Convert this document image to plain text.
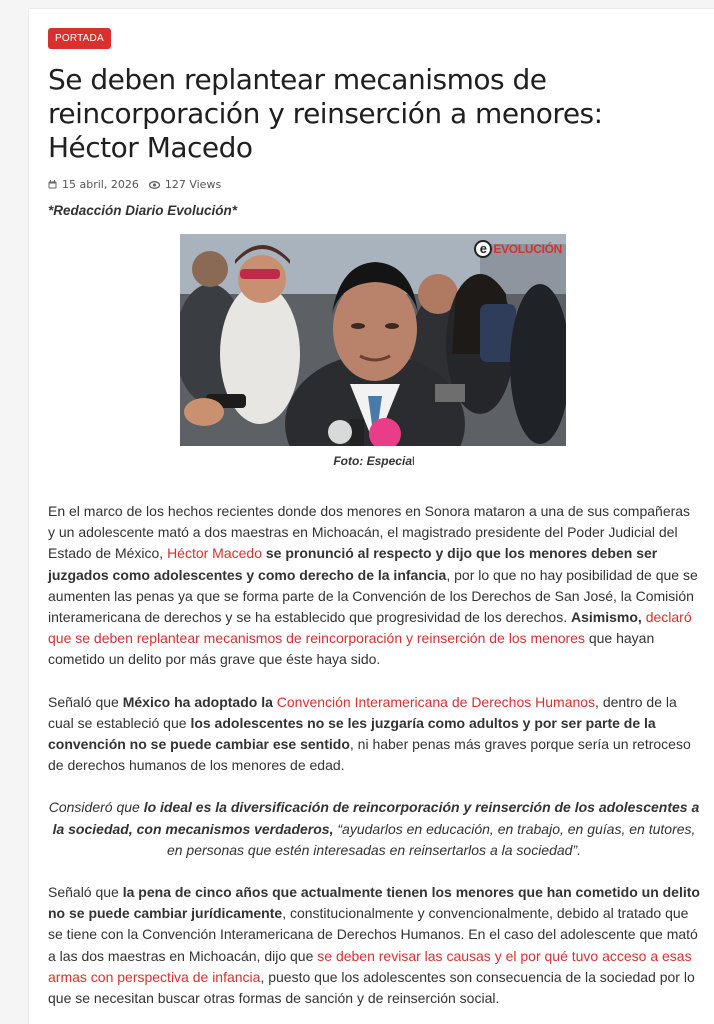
PORTADA
Se deben replantear mecanismos de reincorporación y reinserción a menores: Héctor Macedo
15 abril, 2026 127 Views
*Redacción Diario Evolución*
e EVOLUCIÓN
Foto: Especial

En el marco de los hechos recientes donde dos menores en Sonora mataron a una de sus compañeras y un adolescente mató a dos maestras en Michoacán, el magistrado presidente del Poder Judicial del Estado de México, Héctor Macedo se pronunció al respecto y dijo que los menores deben ser juzgados como adolescentes y como derecho de la infancia, por lo que no hay posibilidad de que se aumenten las penas ya que se forma parte de la Convención de los Derechos de San José, la Comisión interamericana de derechos y se ha establecido que progresividad de los derechos. Asimismo, declaró que se deben replantear mecanismos de reincorporación y reinserción de los menores que hayan cometido un delito por más grave que éste haya sido.

Señaló que México ha adoptado la Convención Interamericana de Derechos Humanos, dentro de la cual se estableció que los adolescentes no se les juzgaría como adultos y por ser parte de la convención no se puede cambiar ese sentido, ni haber penas más graves porque sería un retroceso de derechos humanos de los menores de edad.

Consideró que lo ideal es la diversificación de reincorporación y reinserción de los adolescentes a la sociedad, con mecanismos verdaderos, “ayudarlos en educación, en trabajo, en guías, en tutores, en personas que estén interesadas en reinsertarlos a la sociedad”.

Señaló que la pena de cinco años que actualmente tienen los menores que han cometido un delito no se puede cambiar jurídicamente, constitucionalmente y convencionalmente, debido al tratado que se tiene con la Convención Interamericana de Derechos Humanos. En el caso del adolescente que mató a las dos maestras en Michoacán, dijo que se deben revisar las causas y el por qué tuvo acceso a esas armas con perspectiva de infancia, puesto que los adolescentes son consecuencia de la sociedad por lo que se necesitan buscar otras formas de sanción y de reinserción social.
